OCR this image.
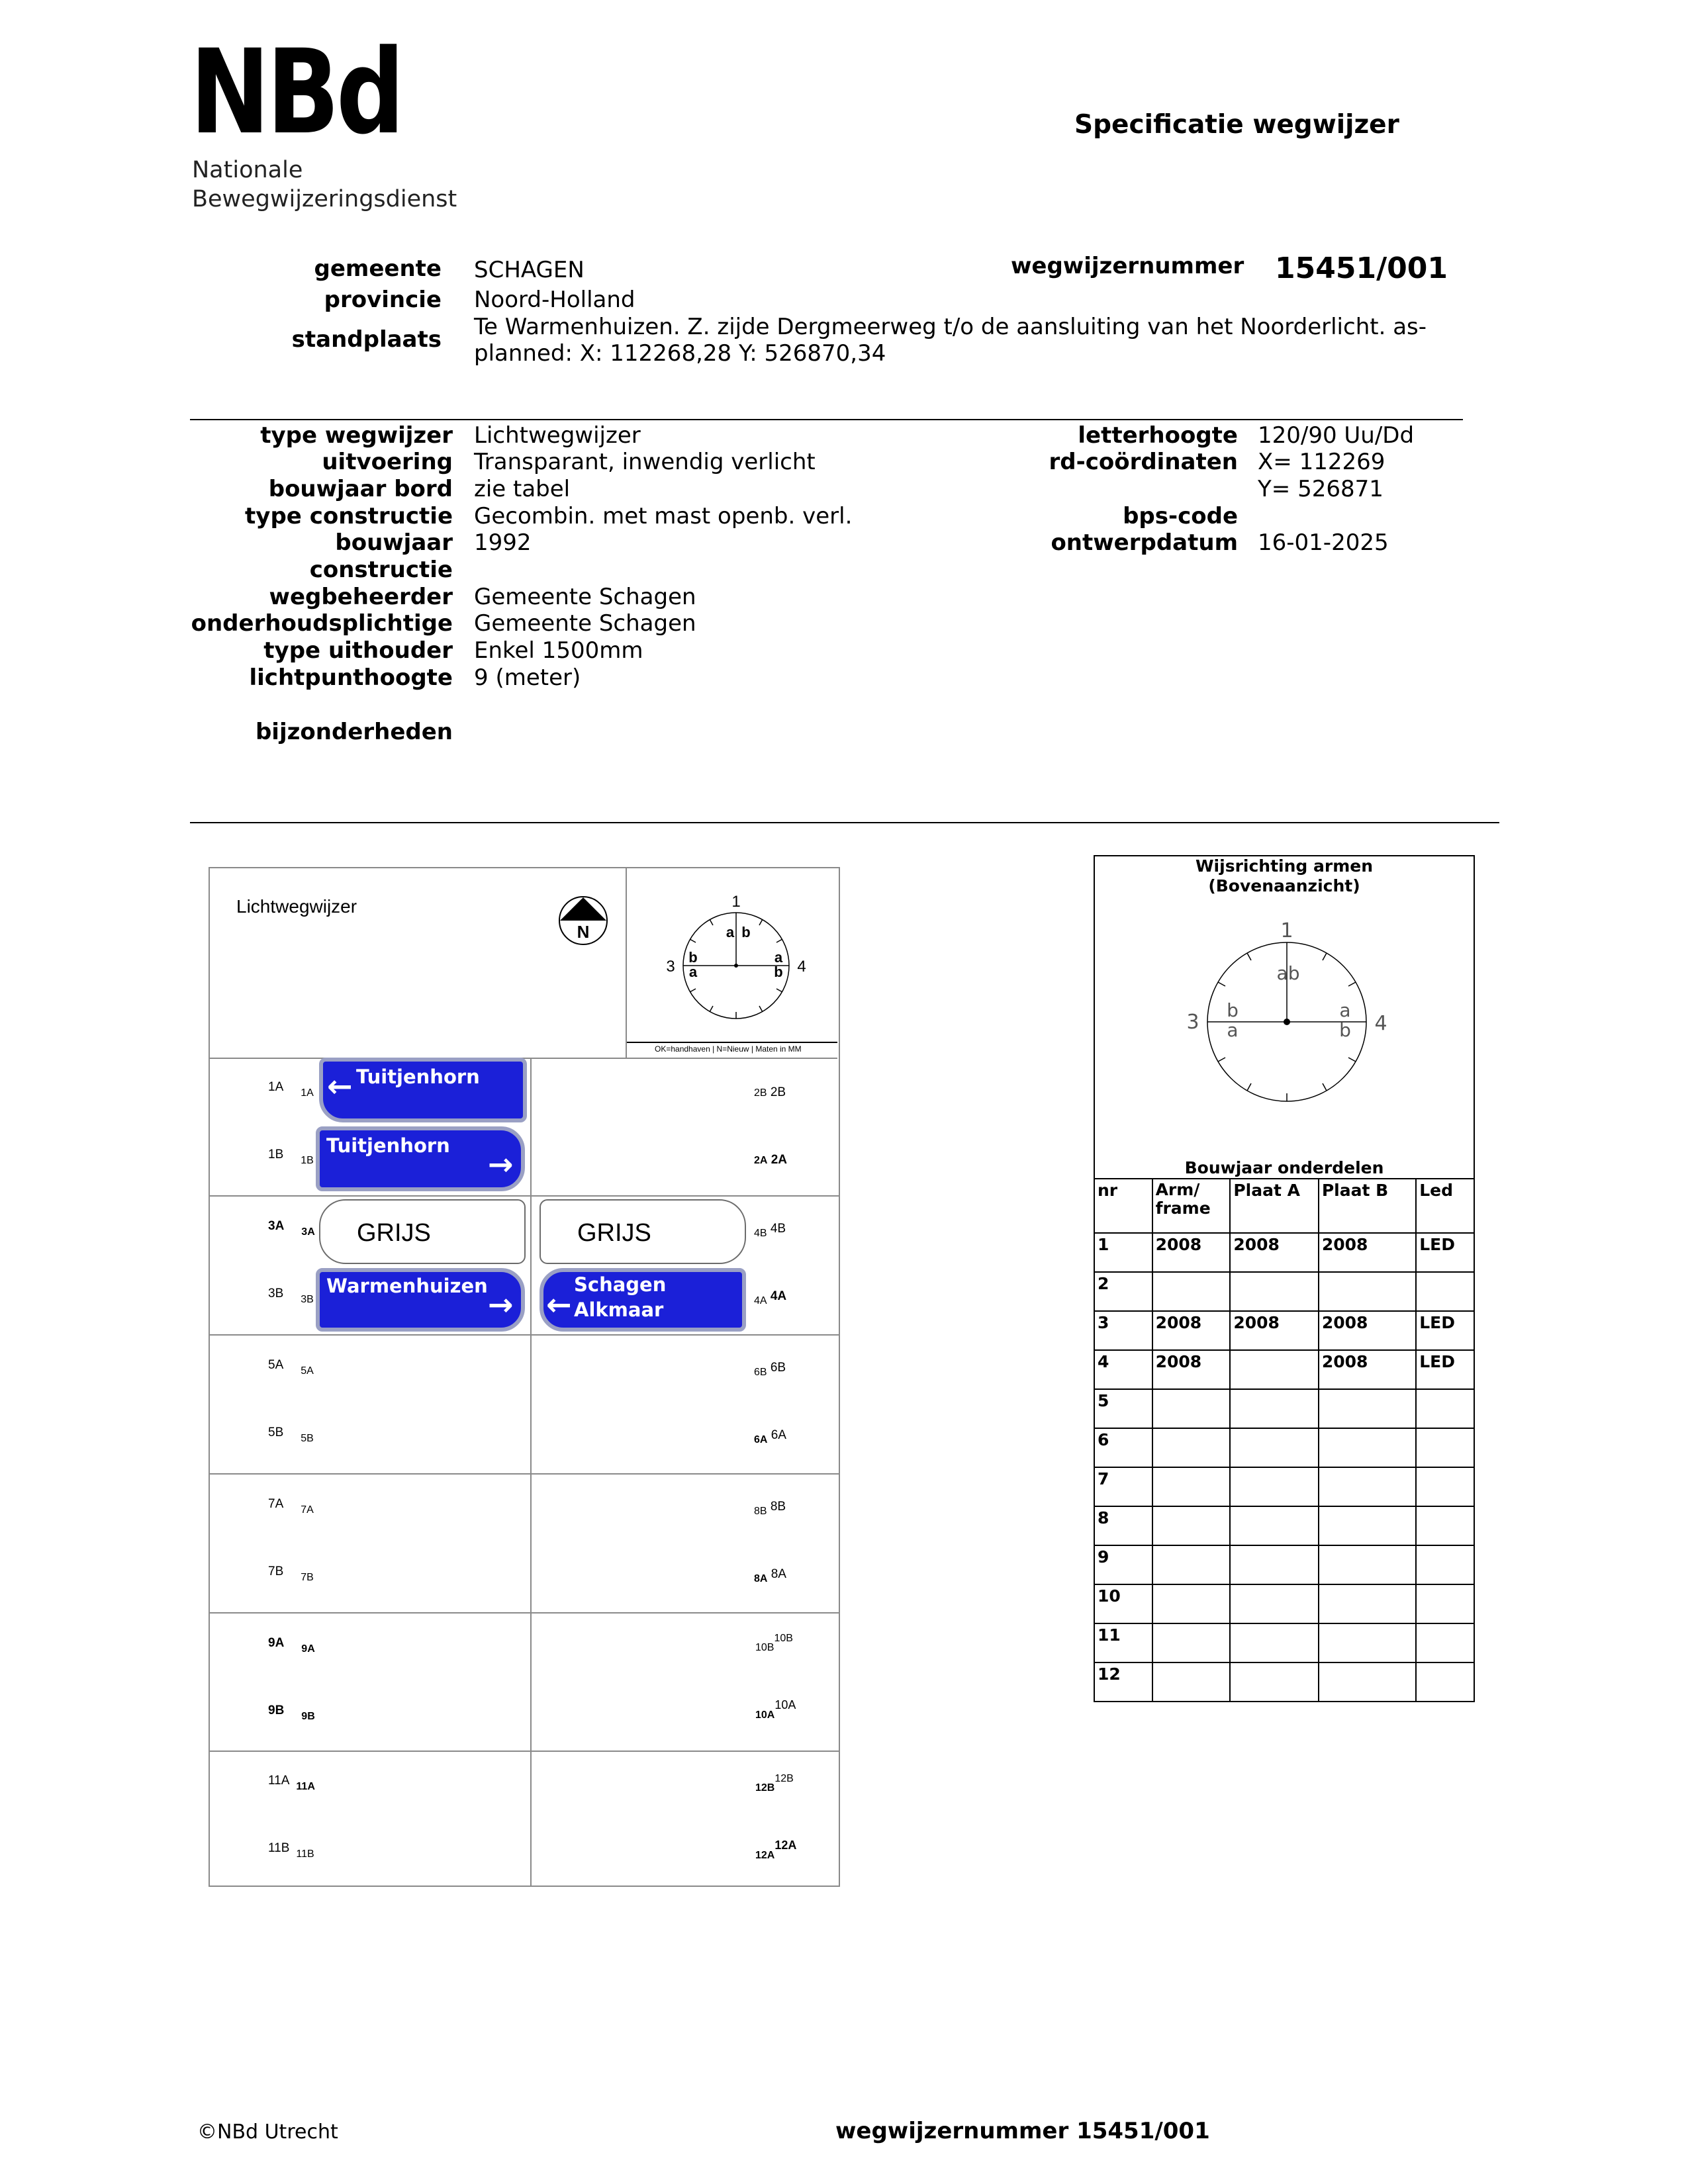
NBd
Nationale
Bewegwijzeringsdienst
Specificatie wegwijzer
gemeente SCHAGEN
provincie Noord-Holland
standplaats Te Warmenhuizen. Z. zijde Dergmeerweg t/o de aansluiting van het Noorderlicht. as-
planned: X: 112268,28 Y: 526870,34
wegwijzernummer 15451/001
type wegwijzer Lichtwegwijzer
uitvoering Transparant, inwendig verlicht
bouwjaar bord zie tabel
type constructie Gecombin. met mast openb. verl.
bouwjaar
constructie
1992
wegbeheerder Gemeente Schagen
onderhoudsplichtige Gemeente Schagen
type uithouder Enkel 1500mm
lichtpunthoogte 9 (meter)
bijzonderheden
letterhoogte 120/90 Uu/Dd
rd-coördinaten X= 112269
Y= 526871
bps-code
ontwerpdatum 16-01-2025
Lichtwegwijzer
N
1
3	4
a b
b
a
a
b
OK=handhaven | N=Nieuw | Maten in MM
1A $_{1A}$
1B $_{1B}$
3A $_{3A}$
3B $_{3B}$
5A $_{5A}$
5B $_{5B}$
7A $_{7A}$
7B $_{7B}$
9A $_{9A}$
9B $_{9B}$
11A $_{11A}$
11B $_{11B}$
2B 2B
2A 2A
$_{4B}$ 4B
$_{4A}$ 4A
$_{6B}$ 6B
$_{6A}$ 6A
$_{8B}$ 8B
$_{8A}$ 8A
$_{10B}$10B
$_{10A}$10A
$_{12B}$12B
$_{12A}$12A
← Tuitjenhorn
Tuitjenhorn
→
GRIJS	GRIJS
Warmenhuizen
→ ←
Schagen
Alkmaar
Wijsrichting armen
(Bovenaanzicht)
1
3	4
ab
b
a
a
b
Bouwjaar onderdelen
nr	Arm/
frame	Plaat A	Plaat B	Led
1	2008	2008	2008	LED
2				
3	2008	2008	2008	LED
4	2008		2008	LED
5				
6				
7				
8				
9				
10				
11				
12				
©NBd Utrecht	wegwijzernummer 15451/001
